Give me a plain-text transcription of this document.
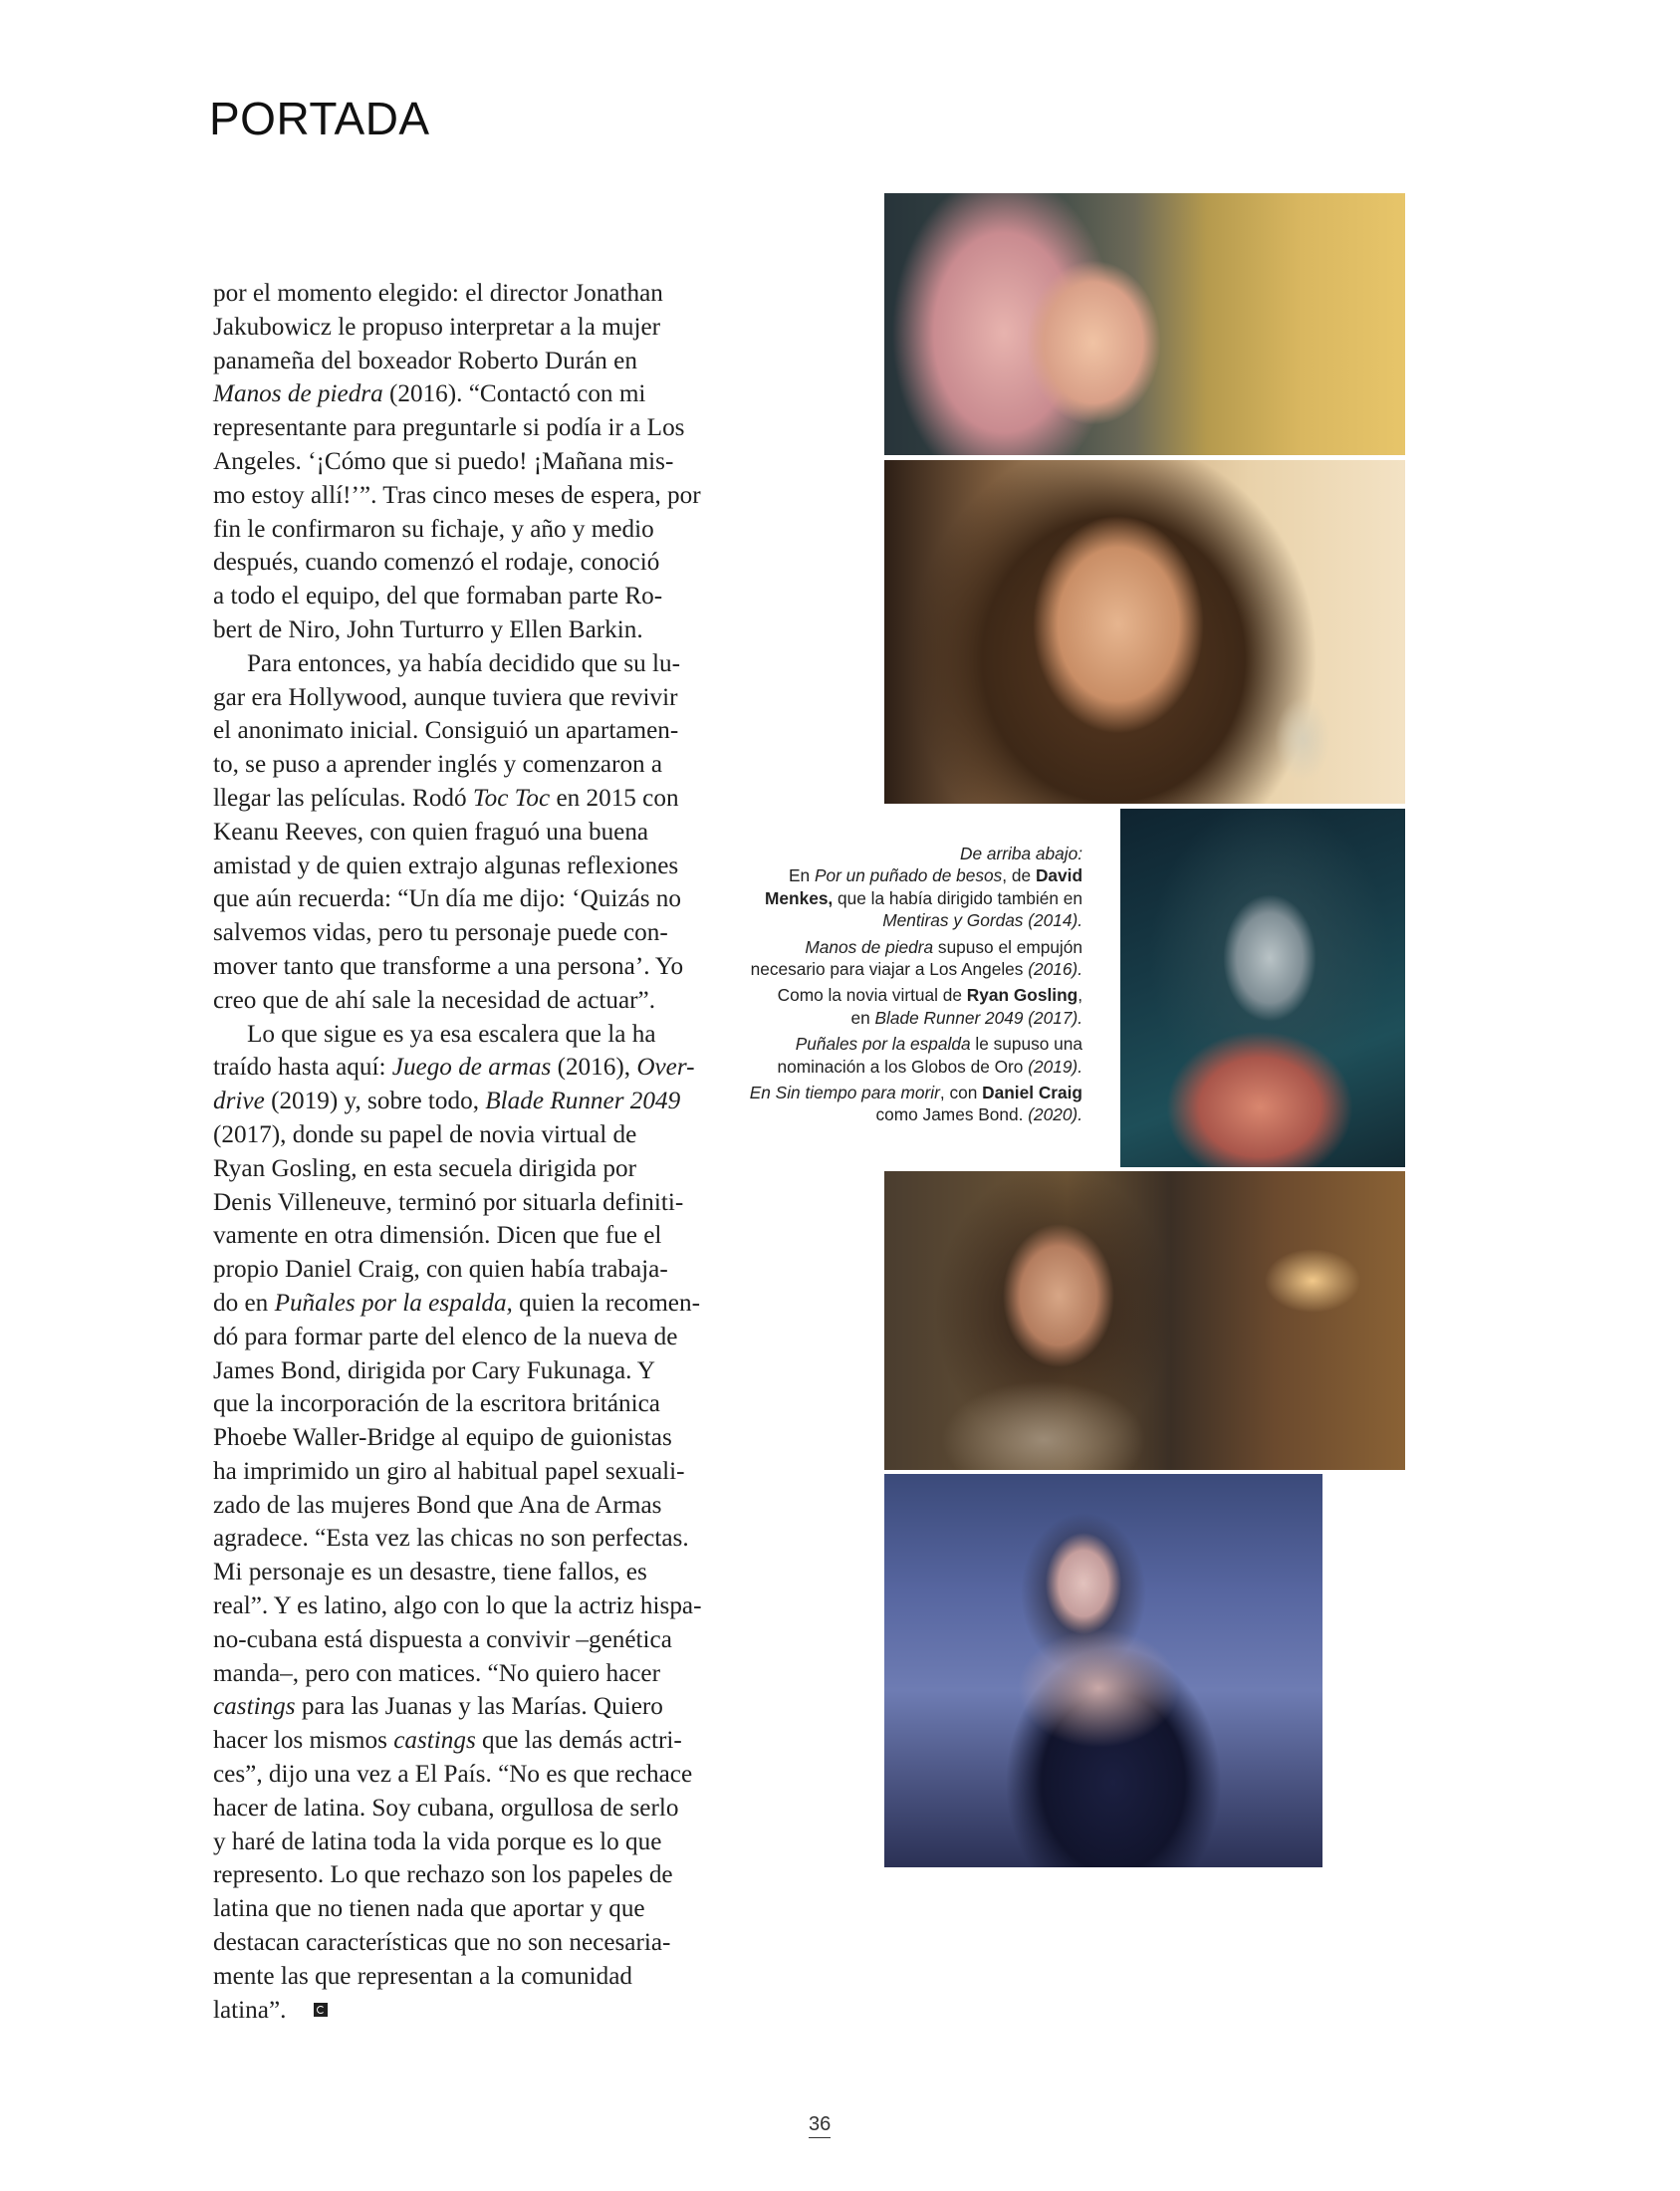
PORTADA
por el momento elegido: el director Jonathan
Jakubowicz le propuso interpretar a la mujer
panameña del boxeador Roberto Durán en
Manos de piedra (2016). “Contactó con mi
representante para preguntarle si podía ir a Los
Angeles. ‘¡Cómo que si puedo! ¡Mañana mis-
mo estoy allí!’”. Tras cinco meses de espera, por
fin le confirmaron su fichaje, y año y medio
después, cuando comenzó el rodaje, conoció
a todo el equipo, del que formaban parte Ro-
bert de Niro, John Turturro y Ellen Barkin.
Para entonces, ya había decidido que su lu-
gar era Hollywood, aunque tuviera que revivir
el anonimato inicial. Consiguió un apartamen-
to, se puso a aprender inglés y comenzaron a
llegar las películas. Rodó Toc Toc en 2015 con
Keanu Reeves, con quien fraguó una buena
amistad y de quien extrajo algunas reflexiones
que aún recuerda: “Un día me dijo: ‘Quizás no
salvemos vidas, pero tu personaje puede con-
mover tanto que transforme a una persona’. Yo
creo que de ahí sale la necesidad de actuar”.
Lo que sigue es ya esa escalera que la ha
traído hasta aquí: Juego de armas (2016), Over-
drive (2019) y, sobre todo, Blade Runner 2049
(2017), donde su papel de novia virtual de
Ryan Gosling, en esta secuela dirigida por
Denis Villeneuve, terminó por situarla definiti-
vamente en otra dimensión. Dicen que fue el
propio Daniel Craig, con quien había trabaja-
do en Puñales por la espalda, quien la recomen-
dó para formar parte del elenco de la nueva de
James Bond, dirigida por Cary Fukunaga. Y
que la incorporación de la escritora británica
Phoebe Waller-Bridge al equipo de guionistas
ha imprimido un giro al habitual papel sexuali-
zado de las mujeres Bond que Ana de Armas
agradece. “Esta vez las chicas no son perfectas.
Mi personaje es un desastre, tiene fallos, es
real”. Y es latino, algo con lo que la actriz hispa-
no-cubana está dispuesta a convivir –genética
manda–, pero con matices. “No quiero hacer
castings para las Juanas y las Marías. Quiero
hacer los mismos castings que las demás actri-
ces”, dijo una vez a El País. “No es que rechace
hacer de latina. Soy cubana, orgullosa de serlo
y haré de latina toda la vida porque es lo que
represento. Lo que rechazo son los papeles de
latina que no tienen nada que aportar y que
destacan características que no son necesaria-
mente las que representan a la comunidad
latina”.

De arriba abajo:
En Por un puñado de besos, de David
Menkes, que la había dirigido también en
Mentiras y Gordas (2014).

Manos de piedra supuso el empujón
necesario para viajar a Los Angeles (2016).

Como la novia virtual de Ryan Gosling,
en Blade Runner 2049 (2017).

Puñales por la espalda le supuso una
nominación a los Globos de Oro (2019).

En Sin tiempo para morir, con Daniel Craig
como James Bond. (2020).

36
